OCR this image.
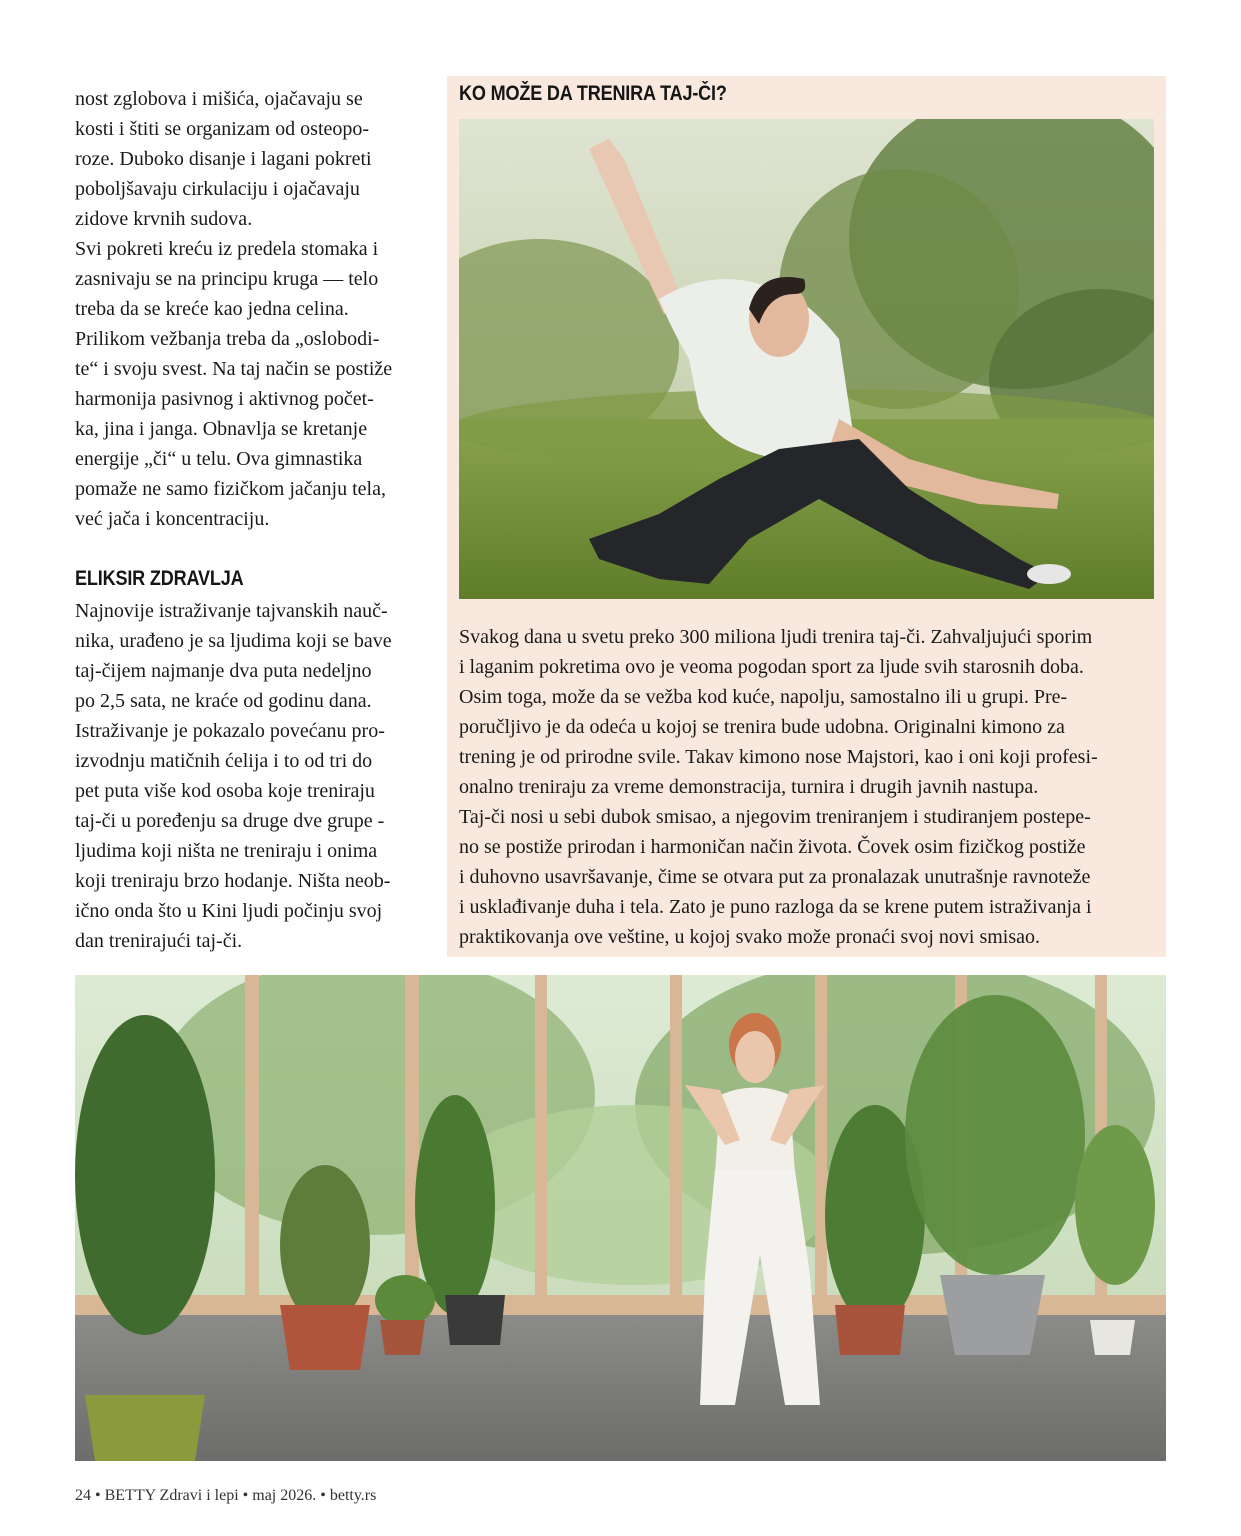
nost zglobova i mišića, ojačavaju se
kosti i štiti se organizam od osteopo-
roze. Duboko disanje i lagani pokreti
poboljšavaju cirkulaciju i ojačavaju
zidove krvnih sudova.
Svi pokreti kreću iz predela stomaka i
zasnivaju se na principu kruga — telo
treba da se kreće kao jedna celina.
Prilikom vežbanja treba da „oslobodi-
te“ i svoju svest. Na taj način se postiže
harmonija pasivnog i aktivnog počet-
ka, jina i janga. Obnavlja se kretanje
energije „či“ u telu. Ova gimnastika
pomaže ne samo fizičkom jačanju tela,
već jača i koncentraciju.

ELIKSIR ZDRAVLJA

Najnovije istraživanje tajvanskih nauč-
nika, urađeno je sa ljudima koji se bave
taj-čijem najmanje dva puta nedeljno
po 2,5 sata, ne kraće od godinu dana.
Istraživanje je pokazalo povećanu pro-
izvodnju matičnih ćelija i to od tri do
pet puta više kod osoba koje treniraju
taj-či u poređenju sa druge dve grupe -
ljudima koji ništa ne treniraju i onima
koji treniraju brzo hodanje. Ništa neob-
ično onda što u Kini ljudi počinju svoj
dan trenirajući taj-či.

KO MOŽE DA TRENIRA TAJ-ČI?
Svakog dana u svetu preko 300 miliona ljudi trenira taj-či. Zahvaljujući sporim
i laganim pokretima ovo je veoma pogodan sport za ljude svih starosnih doba.
Osim toga, može da se vežba kod kuće, napolju, samostalno ili u grupi. Pre-
poručljivo je da odeća u kojoj se trenira bude udobna. Originalni kimono za
trening je od prirodne svile. Takav kimono nose Majstori, kao i oni koji profesi-
onalno treniraju za vreme demonstracija, turnira i drugih javnih nastupa.
Taj-či nosi u sebi dubok smisao, a njegovim treniranjem i studiranjem postepe-
no se postiže prirodan i harmoničan način života. Čovek osim fizičkog postiže
i duhovno usavršavanje, čime se otvara put za pronalazak unutrašnje ravnoteže
i usklađivanje duha i tela. Zato je puno razloga da se krene putem istraživanja i
praktikovanja ove veštine, u kojoj svako može pronaći svoj novi smisao.
24 • BETTY Zdravi i lepi • maj 2026. • betty.rs
